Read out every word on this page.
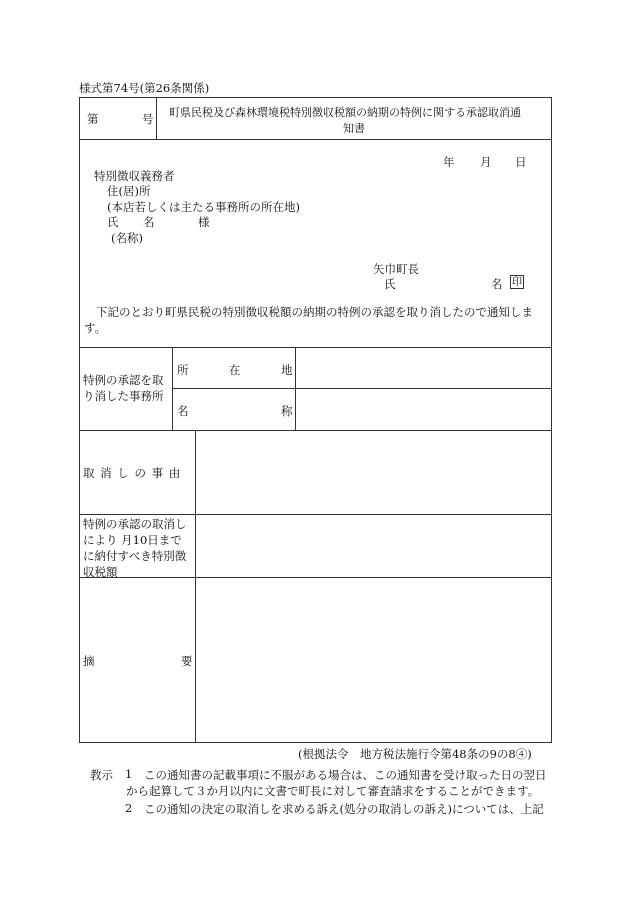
様式第74号(第26条関係)
第	号 町県民税及び森林環境税特別徴収税額の納期の特例に関する承認取消通
知書
年 月 日
特別徴収義務者
住(居)所
(本店若しくは主たる事務所の所在地)
氏 名	様
(名称)
矢巾町長
氏	名 印
下記のとおり町県民税の特別徴収税額の納期の特例の承認を取り消したので通知します。
特例の承認を取り消した事務所
所	在	地
名	称
取 消 し の 事 由
特例の承認の取消しにより 月10日までに納付すべき特別徴収税額
摘	要
(根拠法令　地方税法施行令第48条の9の8④)
教示 1 この通知書の記載事項に不服がある場合は、この通知書を受け取った日の翌日
から起算して３か月以内に文書で町長に対して審査請求をすることができます。
2 この通知の決定の取消しを求める訴え(処分の取消しの訴え)については、上記
